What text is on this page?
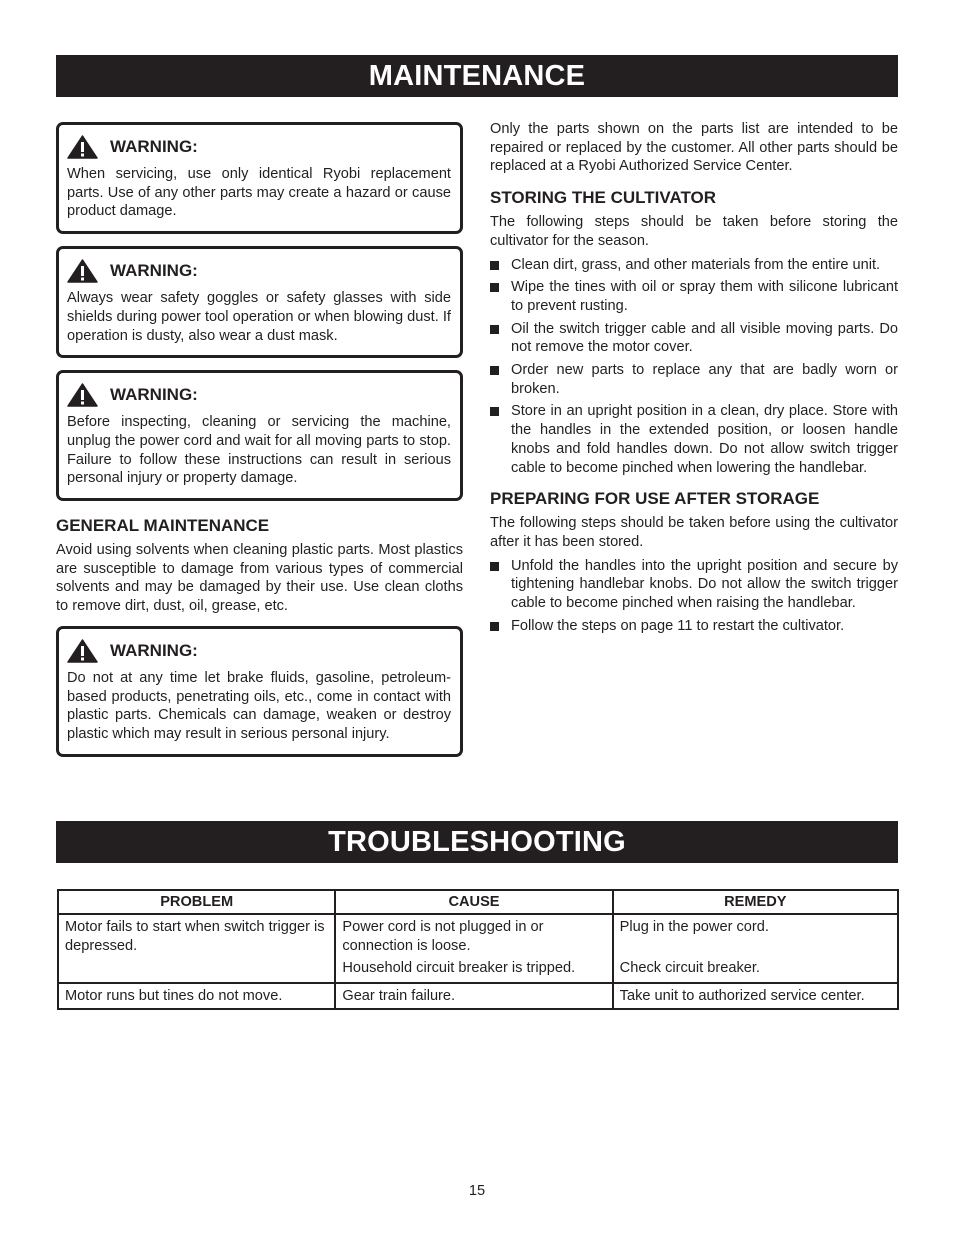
MAINTENANCE
WARNING:
When servicing, use only identical Ryobi replacement parts. Use of any other parts may create a hazard or cause product damage.
WARNING:
Always wear safety goggles or safety glasses with side shields during power tool operation or when blowing dust. If operation is dusty, also wear a dust mask.
WARNING:
Before inspecting, cleaning or servicing the machine, unplug the power cord and wait for all moving parts to stop. Failure to follow these instructions can result in serious personal injury or property damage.
GENERAL MAINTENANCE

Avoid using solvents when cleaning plastic parts. Most plastics are susceptible to damage from various types of commercial solvents and may be damaged by their use. Use clean cloths to remove dirt, dust, oil, grease, etc.

WARNING:
Do not at any time let brake fluids, gasoline, petroleum-based products, penetrating oils, etc., come in contact with plastic parts. Chemicals can damage, weaken or destroy plastic which may result in serious personal injury.

Only the parts shown on the parts list are intended to be repaired or replaced by the customer. All other parts should be replaced at a Ryobi Authorized Service Center.

STORING THE CULTIVATOR

The following steps should be taken before storing the cultivator for the season.

Clean dirt, grass, and other materials from the entire unit.
Wipe the tines with oil or spray them with silicone lubricant to prevent rusting.
Oil the switch trigger cable and all visible moving parts. Do not remove the motor cover.
Order new parts to replace any that are badly worn or broken.
Store in an upright position in a clean, dry place. Store with the handles in the extended position, or loosen handle knobs and fold handles down. Do not allow switch trigger cable to become pinched when lowering the handlebar.
PREPARING FOR USE AFTER STORAGE

The following steps should be taken before using the cultivator after it has been stored.

Unfold the handles into the upright position and secure by tightening handlebar knobs. Do not allow the switch trigger cable to become pinched when raising the handlebar.
Follow the steps on page 11 to restart the cultivator.
TROUBLESHOOTING
PROBLEM	CAUSE	REMEDY
Motor fails to start when switch trigger is depressed.	Power cord is not plugged in or connection is loose.	Plug in the power cord.
	Household circuit breaker is tripped.	Check circuit breaker.
Motor runs but tines do not move.	Gear train failure.	Take unit to authorized service center.
15
